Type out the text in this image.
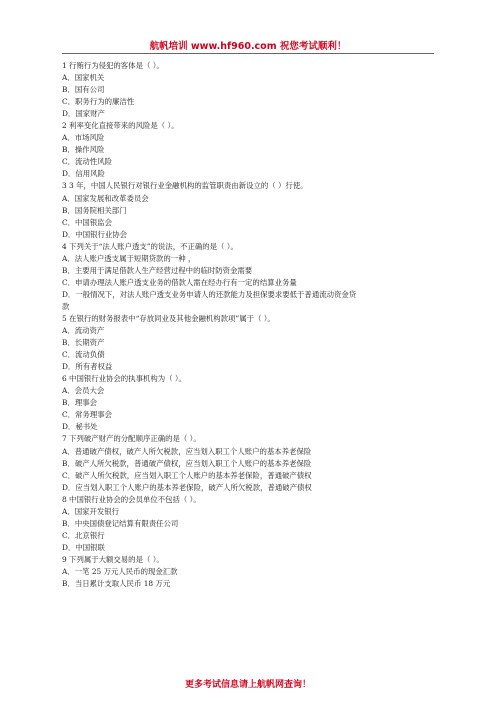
航帆培训 www.hf960.com 祝您考试顺利！
1 行贿行为侵犯的客体是（ ）。
A．国家机关
B．国有公司
C．职务行为的廉洁性
D．国家财产
2 利率变化直接带来的风险是（ ）。
A．市场风险
B．操作风险
C．流动性风险
D．信用风险
3 3 年，中国人民银行对银行业金融机构的监管职责由新设立的（ ）行使。
A．国家发展和改革委员会
B．国务院相关部门
C．中国银监会
D．中国银行业协会
4 下列关于“法人账户透支”的说法，不正确的是（ ）。
A．法人账户透支属于短期贷款的一种 ，
B．主要用于满足借款人生产经营过程中的临时防资金需要
C．申请办理法人账户透支业务的借款人需在经办行有一定的结算业务量
D．一般情况下，对法人账户透支业务申请人的还款能力及担保要求要低于普通流动资金贷
款
5 在银行的财务报表中“存放同业及其他金融机构款项”属于（ ）。
A．流动资产
B．长期资产
C．流动负债
D．所有者权益
6 中国银行业协会的执事机构为（ ）。
A．会员大会
B．理事会
C．常务理事会
D．秘书处
7 下列破产财产的分配顺序正确的是（ ）。
A．普通破产债权，破产人所欠税款，应当划入职工个人账户的基本养老保险
B．破产人所欠税款，普通破产债权，应当划入职工个人账户的基本养老保险
C．破产人所欠税款，应当划入职工个人账户的基本养老保险，普通破产债权
D．应当划入职工个人账户的基本养老保险，破产人所欠税款，普通破产债权
8 中国银行业协会的会员单位不包括（ ）。
A．国家开发银行
B．中央国债登记结算有限责任公司
C．北京银行
D．中国银联
9 下列属于大额交易的是（ ）。
A．一笔 25 万元人民币的现金汇款
B．当日累计支取人民币 18 万元
更多考试信息请上航帆网查询！
